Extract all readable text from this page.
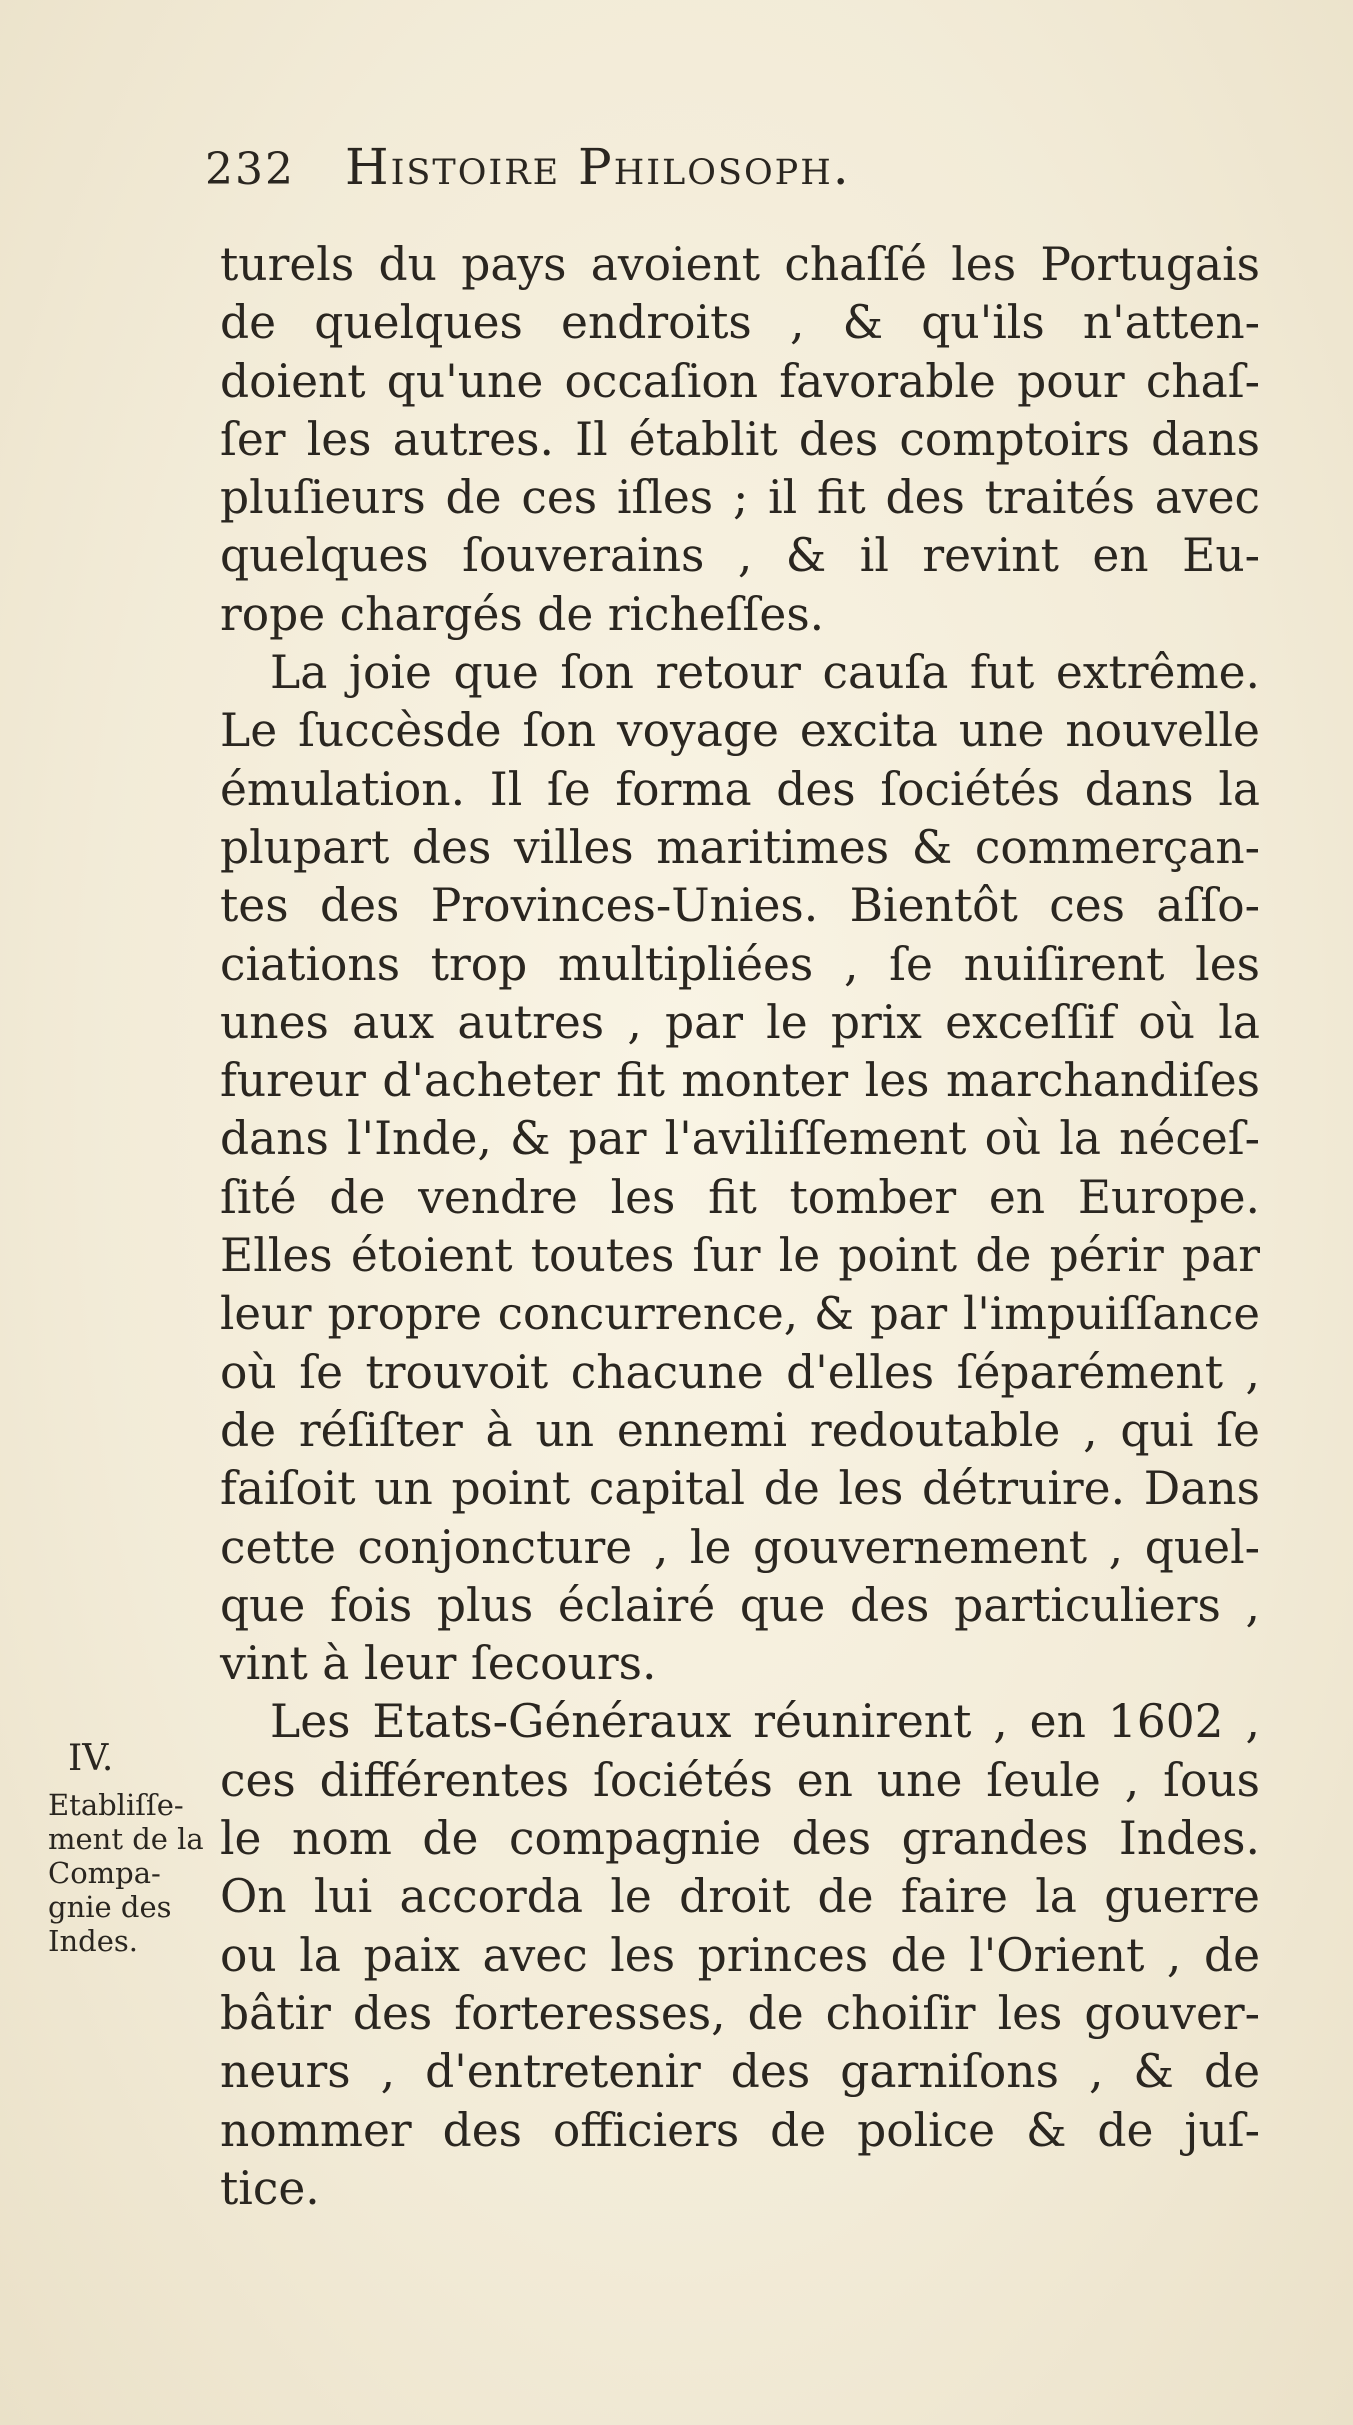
232 Histoire Philosoph.
IV.
Etabliſſe-
ment de la
Compa-
gnie des
Indes.
turels du pays avoient chaſſé les Portugais
de quelques endroits , & qu'ils n'atten-
doient qu'une occaſion favorable pour chaſ-
ſer les autres. Il établit des comptoirs dans
pluſieurs de ces iſles ; il fit des traités avec
quelques ſouverains , & il revint en Eu-
rope chargés de richeſſes.
La joie que ſon retour cauſa fut extrême.
Le ſuccèsde ſon voyage excita une nouvelle
émulation. Il ſe forma des ſociétés dans la
plupart des villes maritimes & commerçan-
tes des Provinces-Unies. Bientôt ces aſſo-
ciations trop multipliées , ſe nuiſirent les
unes aux autres , par le prix exceſſif où la
fureur d'acheter fit monter les marchandiſes
dans l'Inde, & par l'aviliſſement où la néceſ-
ſité de vendre les fit tomber en Europe.
Elles étoient toutes ſur le point de périr par
leur propre concurrence, & par l'impuiſſance
où ſe trouvoit chacune d'elles ſéparément ,
de réſiſter à un ennemi redoutable , qui ſe
faiſoit un point capital de les détruire. Dans
cette conjoncture , le gouvernement , quel-
que fois plus éclairé que des particuliers ,
vint à leur ſecours.
Les Etats-Généraux réunirent , en 1602 ,
ces différentes ſociétés en une ſeule , ſous
le nom de compagnie des grandes Indes.
On lui accorda le droit de faire la guerre
ou la paix avec les princes de l'Orient , de
bâtir des forteresses, de choiſir les gouver-
neurs , d'entretenir des garniſons , & de
nommer des officiers de police & de juſ-
tice.
